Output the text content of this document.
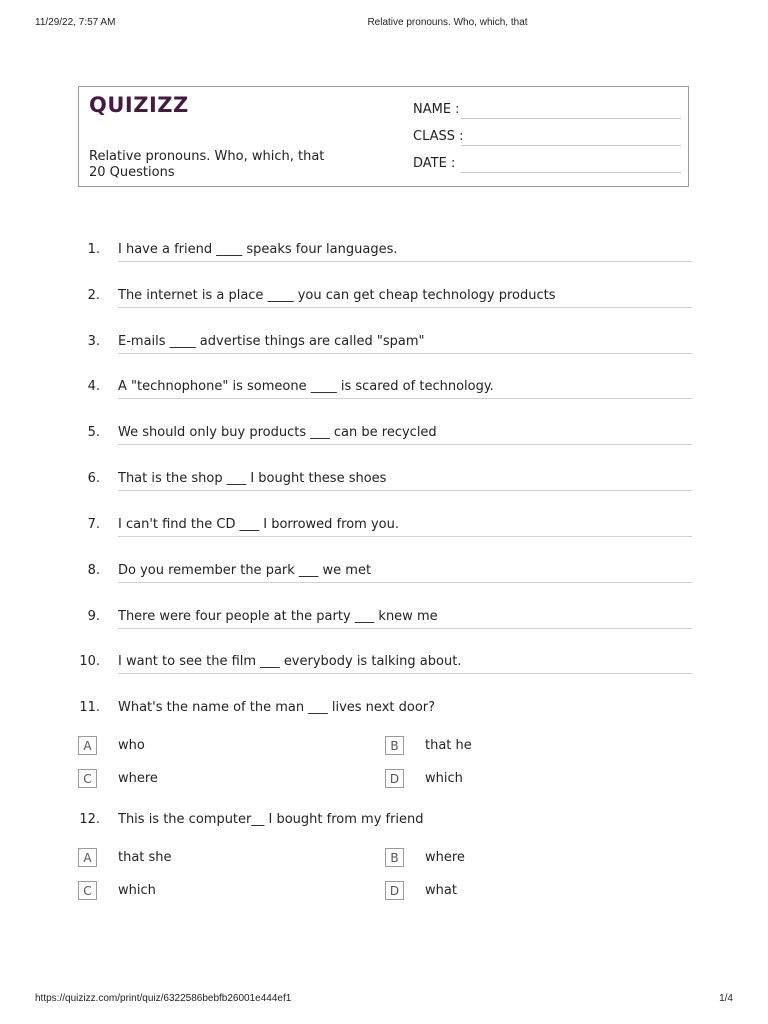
11/29/22, 7:57 AM	Relative pronouns. Who, which, that
QUIZIZZ
Relative pronouns. Who, which, that
20 Questions
NAME :
CLASS :
DATE :
1. I have a friend ____ speaks four languages.
2. The internet is a place ____ you can get cheap technology products
3. E-mails ____ advertise things are called "spam"
4. A "technophone" is someone ____ is scared of technology.
5. We should only buy products ___ can be recycled
6. That is the shop ___ I bought these shoes
7. I can't find the CD ___ I borrowed from you.
8. Do you remember the park ___ we met
9. There were four people at the party ___ knew me
10. I want to see the film ___ everybody is talking about.
11. What's the name of the man ___ lives next door?
A	who	B	that he
C	where	D	which
12. This is the computer__ I bought from my friend
A	that she	B	where
C	which	D	what
https://quizizz.com/print/quiz/6322586bebfb26001e444ef1	1/4
